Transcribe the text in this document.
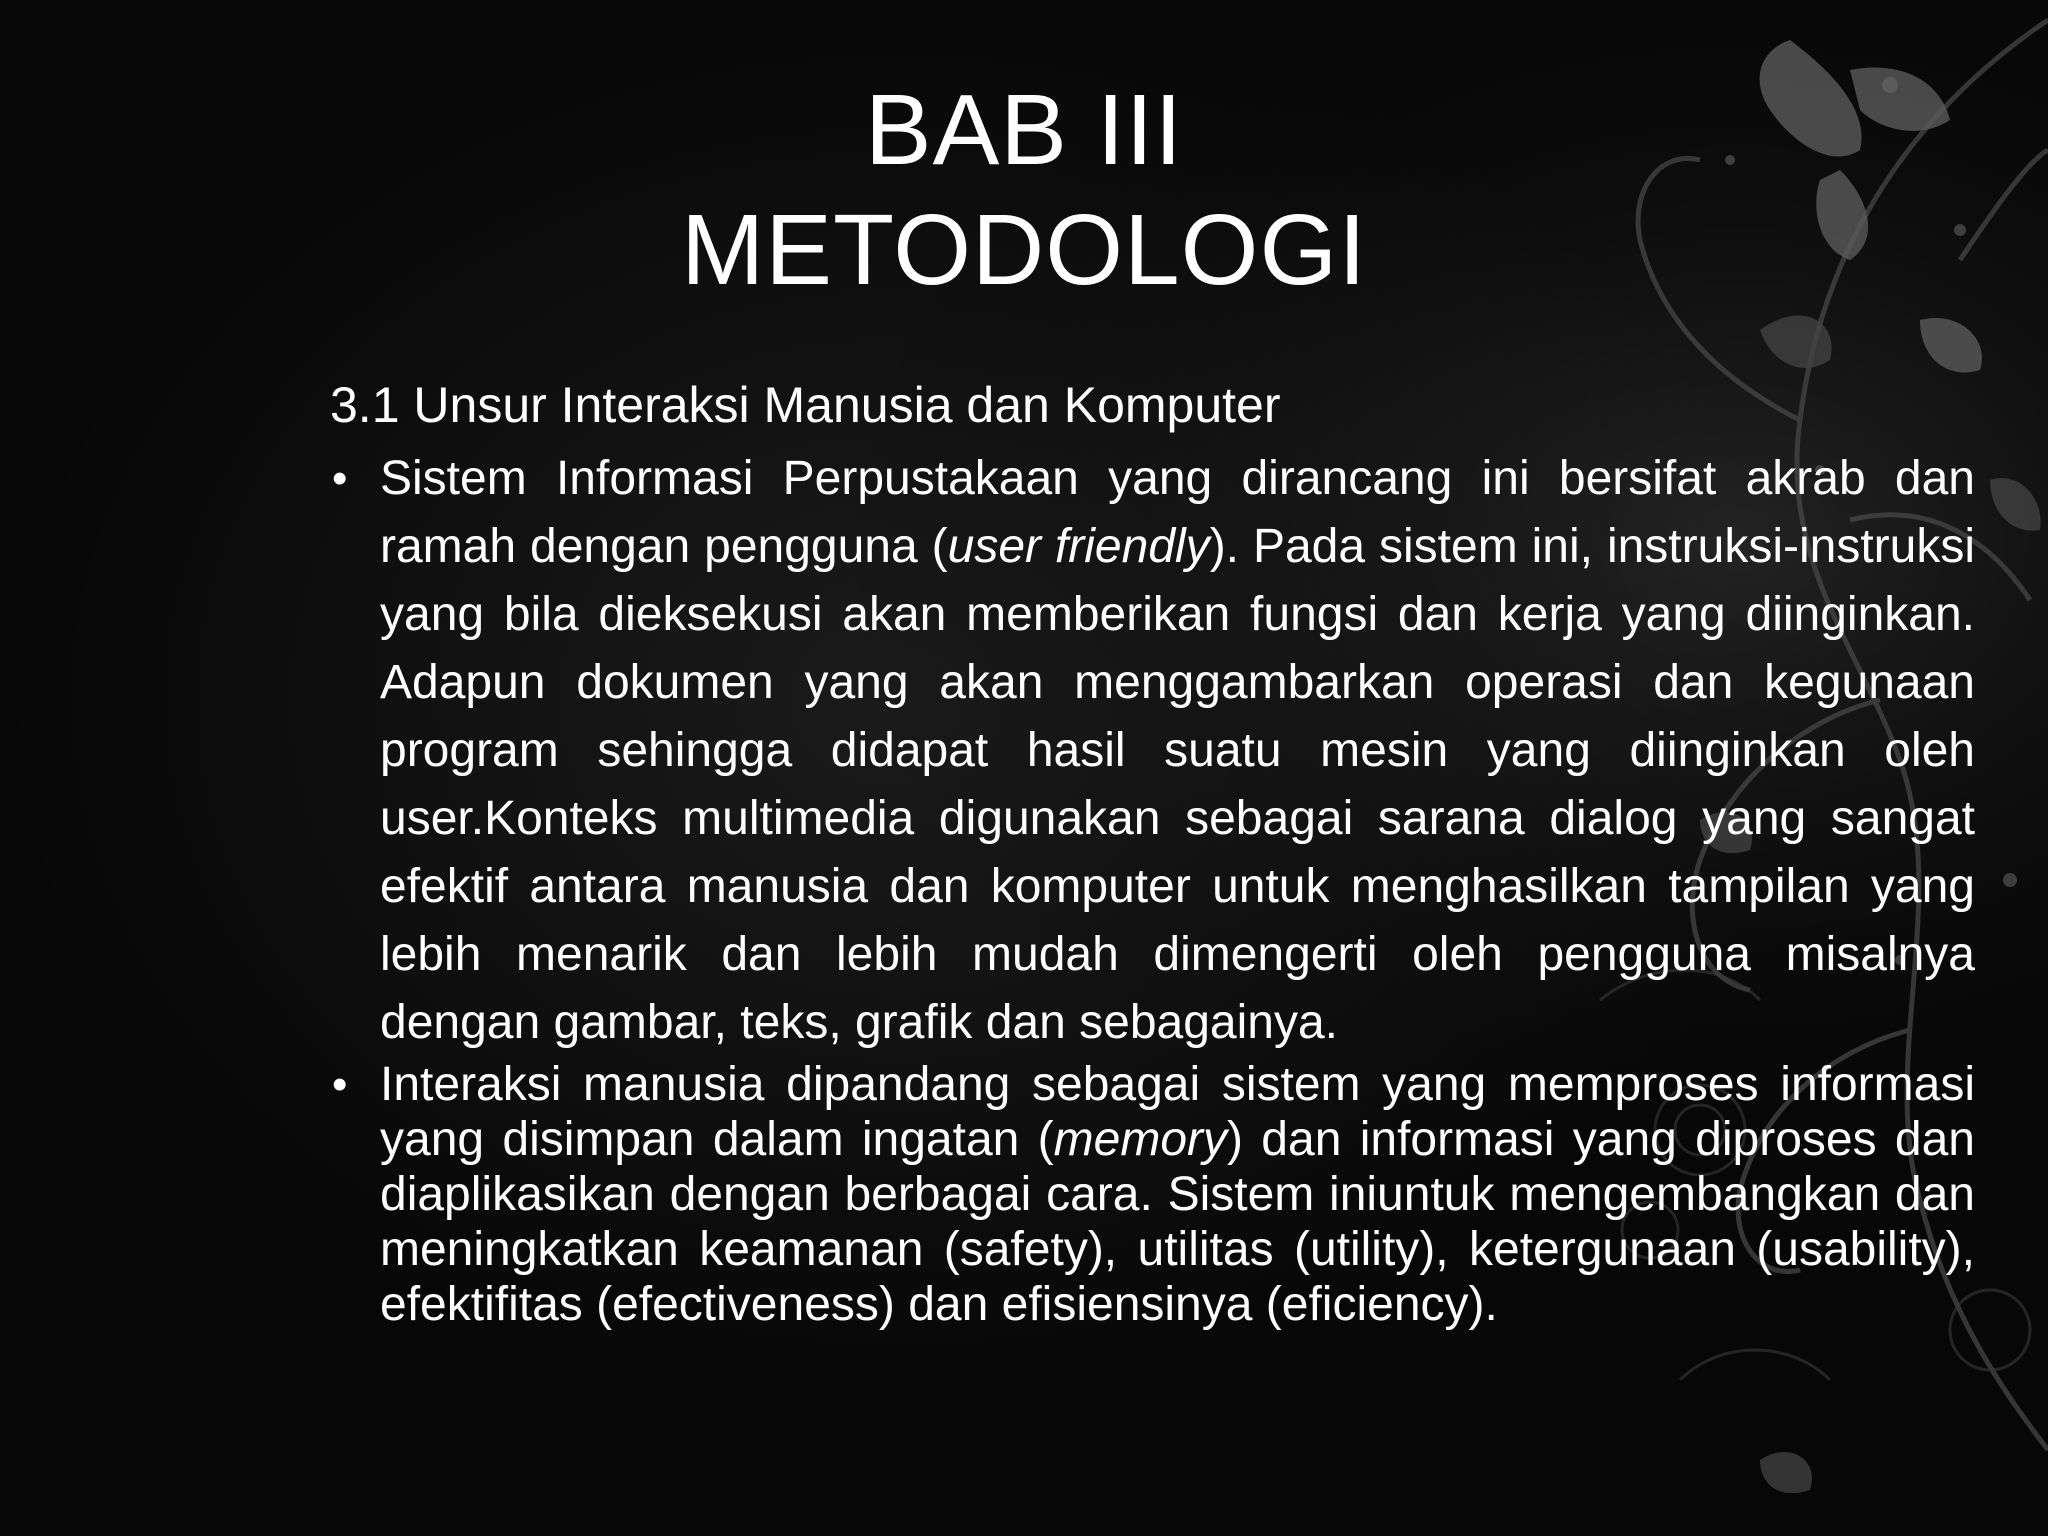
BAB III
METODOLOGI
3.1 Unsur Interaksi Manusia dan Komputer
• Sistem Informasi Perpustakaan yang dirancang ini bersifat akrab dan ramah dengan pengguna (user friendly). Pada sistem ini, instruksi-instruksi yang bila dieksekusi akan memberikan fungsi dan kerja yang diinginkan. Adapun dokumen yang akan menggambarkan operasi dan kegunaan program sehingga didapat hasil suatu mesin yang diinginkan oleh user.Konteks multimedia digunakan sebagai sarana dialog yang sangat efektif antara manusia dan komputer untuk menghasilkan tampilan yang lebih menarik dan lebih mudah dimengerti oleh pengguna misalnya dengan gambar, teks, grafik dan sebagainya.
• Interaksi manusia dipandang sebagai sistem yang memproses informasi yang disimpan dalam ingatan (memory) dan informasi yang diproses dan diaplikasikan dengan berbagai cara. Sistem iniuntuk mengembangkan dan meningkatkan keamanan (safety), utilitas (utility), ketergunaan (usability), efektifitas (efectiveness) dan efisiensinya (eficiency).
